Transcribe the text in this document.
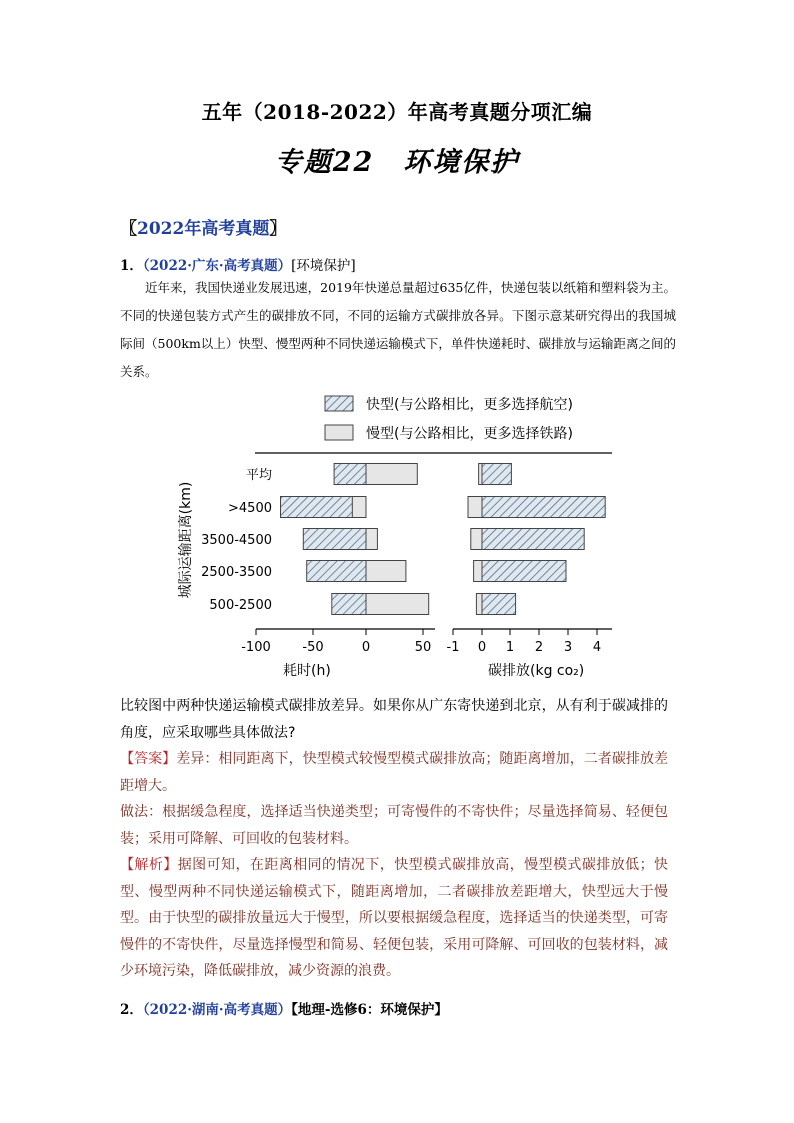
五年（2018-2022）年高考真题分项汇编
专题22　环境保护
〖2022年高考真题〗
1．（2022·广东·高考真题）[环境保护]

近年来，我国快递业发展迅速，2019年快递总量超过635亿件，快递包装以纸箱和塑料袋为主。不同的快递包装方式产生的碳排放不同，不同的运输方式碳排放各异。下图示意某研究得出的我国城际间（500km以上）快型、慢型两种不同快递运输模式下，单件快递耗时、碳排放与运输距离之间的关系。

快型(与公路相比，更多选择航空)
慢型(与公路相比，更多选择铁路)
城际运输距离(km)
平均
>4500
3500-4500
2500-3500
500-2500
-100 -50	0	50 -1 0 1 2 3 4
耗时(h)	碳排放(kg co₂)

比较图中两种快递运输模式碳排放差异。如果你从广东寄快递到北京，从有利于碳减排的角度，应采取哪些具体做法?

【答案】差异：相同距离下，快型模式较慢型模式碳排放高；随距离增加，二者碳排放差距增大。

做法：根据缓急程度，选择适当快递类型；可寄慢件的不寄快件；尽量选择简易、轻便包装；采用可降解、可回收的包装材料。

【解析】据图可知，在距离相同的情况下，快型模式碳排放高，慢型模式碳排放低；快型、慢型两种不同快递运输模式下，随距离增加，二者碳排放差距增大，快型远大于慢型。由于快型的碳排放量远大于慢型，所以要根据缓急程度，选择适当的快递类型，可寄慢件的不寄快件，尽量选择慢型和简易、轻便包装，采用可降解、可回收的包装材料，减少环境污染，降低碳排放，减少资源的浪费。

2．（2022·湖南·高考真题）【地理-选修6：环境保护】
